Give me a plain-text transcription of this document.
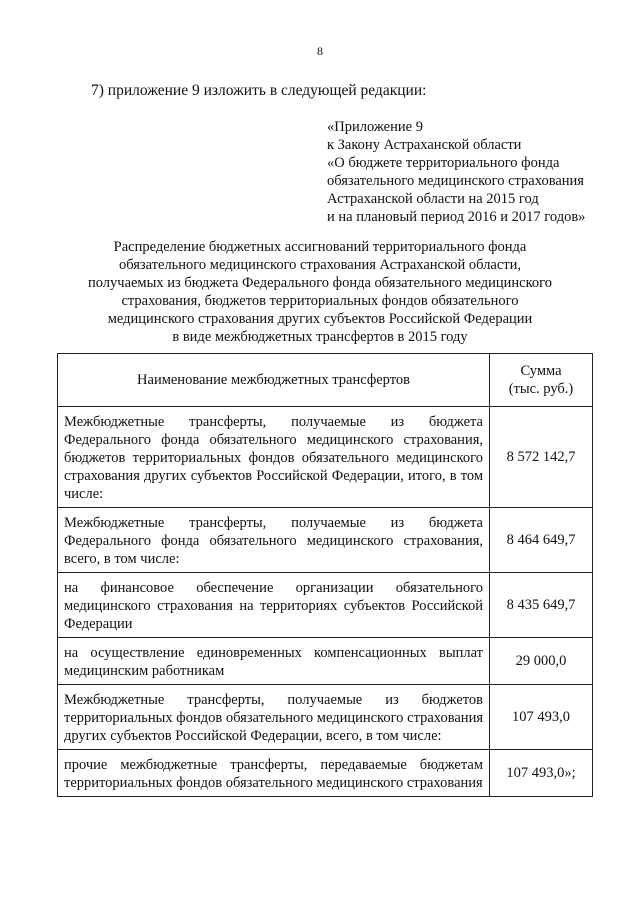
8
7) приложение 9 изложить в следующей редакции:
«Приложение 9
к Закону Астраханской области
«О бюджете территориального фонда
обязательного медицинского страхования
Астраханской области на 2015 год
и на плановый период 2016 и 2017 годов»
Распределение бюджетных ассигнований территориального фонда
обязательного медицинского страхования Астраханской области,
получаемых из бюджета Федерального фонда обязательного медицинского
страхования, бюджетов территориальных фондов обязательного
медицинского страхования других субъектов Российской Федерации
в виде межбюджетных трансфертов в 2015 году
Наименование межбюджетных трансфертов	Сумма
(тыс. руб.)

Межбюджетные трансферты, получаемые из бюджета Федерального фонда обязательного медицинского страхования, бюджетов территориальных фондов обязательного медицинского страхования других субъектов Российской Федерации, итого, в том числе:	8 572 142,7
Межбюджетные трансферты, получаемые из бюджета Федерального фонда обязательного медицинского страхования, всего, в том числе:	8 464 649,7
на финансовое обеспечение организации обязательного медицинского страхования на территориях субъектов Российской Федерации	8 435 649,7
на осуществление единовременных компенсационных выплат медицинским работникам	29 000,0
Межбюджетные трансферты, получаемые из бюджетов территориальных фондов обязательного медицинского страхования других субъектов Российской Федерации, всего, в том числе:	107 493,0
прочие межбюджетные трансферты, передаваемые бюджетам территориальных фондов обязательного медицинского страхования	107 493,0»;
